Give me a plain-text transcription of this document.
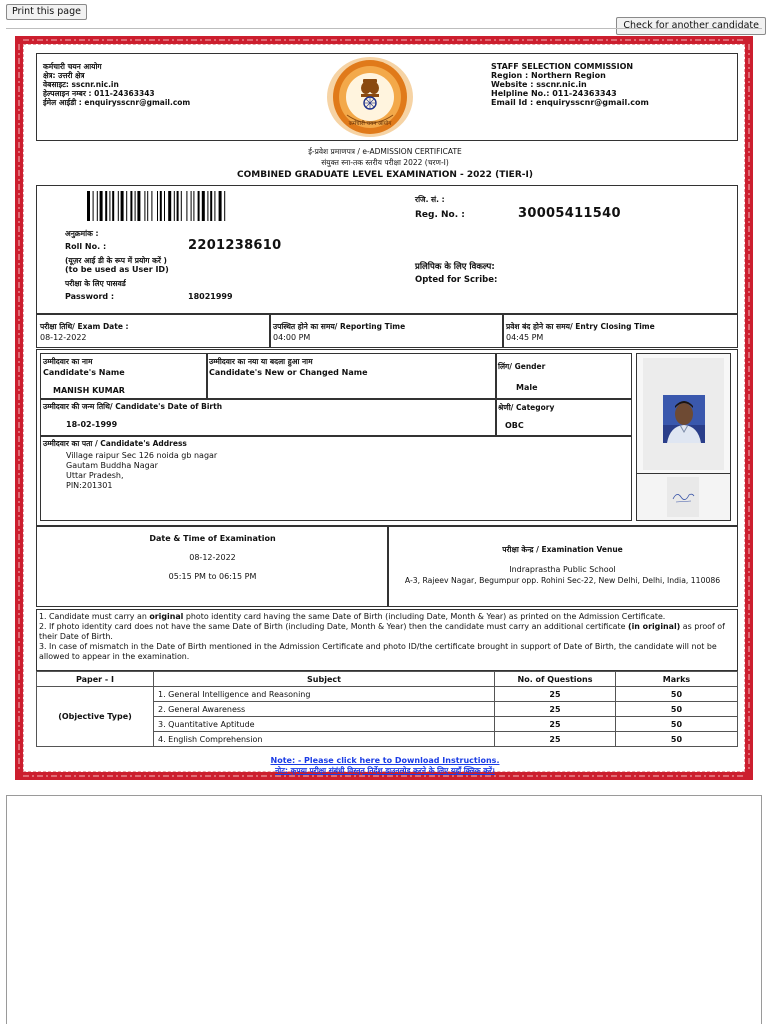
Print this page
Check for another candidate
कर्मचारी चयन आयोग
क्षेत्र: उत्तरी क्षेत्र
वेबसाइट: sscnr.nic.in
हेल्पलाइन नम्बर : 011-24363343
ईमेल आईडी : enquirysscnr@gmail.com
कर्मचारी चयन आयोग
STAFF SELECTION COMMISSION
Region : Northern Region
Website : sscnr.nic.in
Helpline No.: 011-24363343
Email Id : enquirysscnr@gmail.com
ई-प्रवेश प्रमाणपत्र / e-ADMISSION CERTIFICATE
संयुक्त स्ना-तक स्तरीय परीक्षा 2022 (चरण-I)
COMBINED GRADUATE LEVEL EXAMINATION - 2022 (TIER-I)
रजि. सं. :
Reg. No. :	30005411540
अनुक्रमांक :
Roll No. :	2201238610
(यूज़र आई डी के रूप में प्रयोग करें )
(to be used as User ID)	प्रलिपिक के लिए विकल्प:
Opted for Scribe:
परीक्षा के लिए पासवर्ड
Password :	18021999
परीक्षा तिथि/ Exam Date :
08-12-2022
उपस्थित होने का समय/ Reporting Time
04:00 PM
प्रवेश बंद होने का समय/ Entry Closing Time
04:45 PM
उम्मीदवार का नाम
Candidate's Name
MANISH KUMAR
उम्मीदवार का नया या बदला हुआ नाम
Candidate's New or Changed Name
लिंग/ Gender
Male
उम्मीदवार की जन्म तिथि/ Candidate's Date of Birth
18-02-1999
श्रेणी/ Category
OBC
उम्मीदवार का पता / Candidate's Address
Village raipur Sec 126 noida gb nagar
Gautam Buddha Nagar
Uttar Pradesh,
PIN:201301
Date & Time of Examination
08-12-2022
05:15 PM to 06:15 PM
परीक्षा केन्द्र / Examination Venue
Indraprastha Public School
A-3, Rajeev Nagar, Begumpur opp. Rohini Sec-22, New Delhi, Delhi, India, 110086
1. Candidate must carry an original photo identity card having the same Date of Birth (including Date, Month & Year) as printed on the Admission Certificate.
2. If photo identity card does not have the same Date of Birth (including Date, Month & Year) then the candidate must carry an additional certificate (in original) as proof of their Date of Birth.
3. In case of mismatch in the Date of Birth mentioned in the Admission Certificate and photo ID/the certificate brought in support of Date of Birth, the candidate will not be allowed to appear in the examination.
Paper - I	Subject	No. of Questions	Marks
(Objective Type)	1. General Intelligence and Reasoning	25	50
	2. General Awareness	25	50
	3. Quantitative Aptitude	25	50
	4. English Comprehension	25	50
Note: - Please click here to Download Instructions.
नोट: कृपया परीक्षा संबंधी विस्तृत निर्देश डाउनलोड करने के लिए यहाँ क्लिक करें।
